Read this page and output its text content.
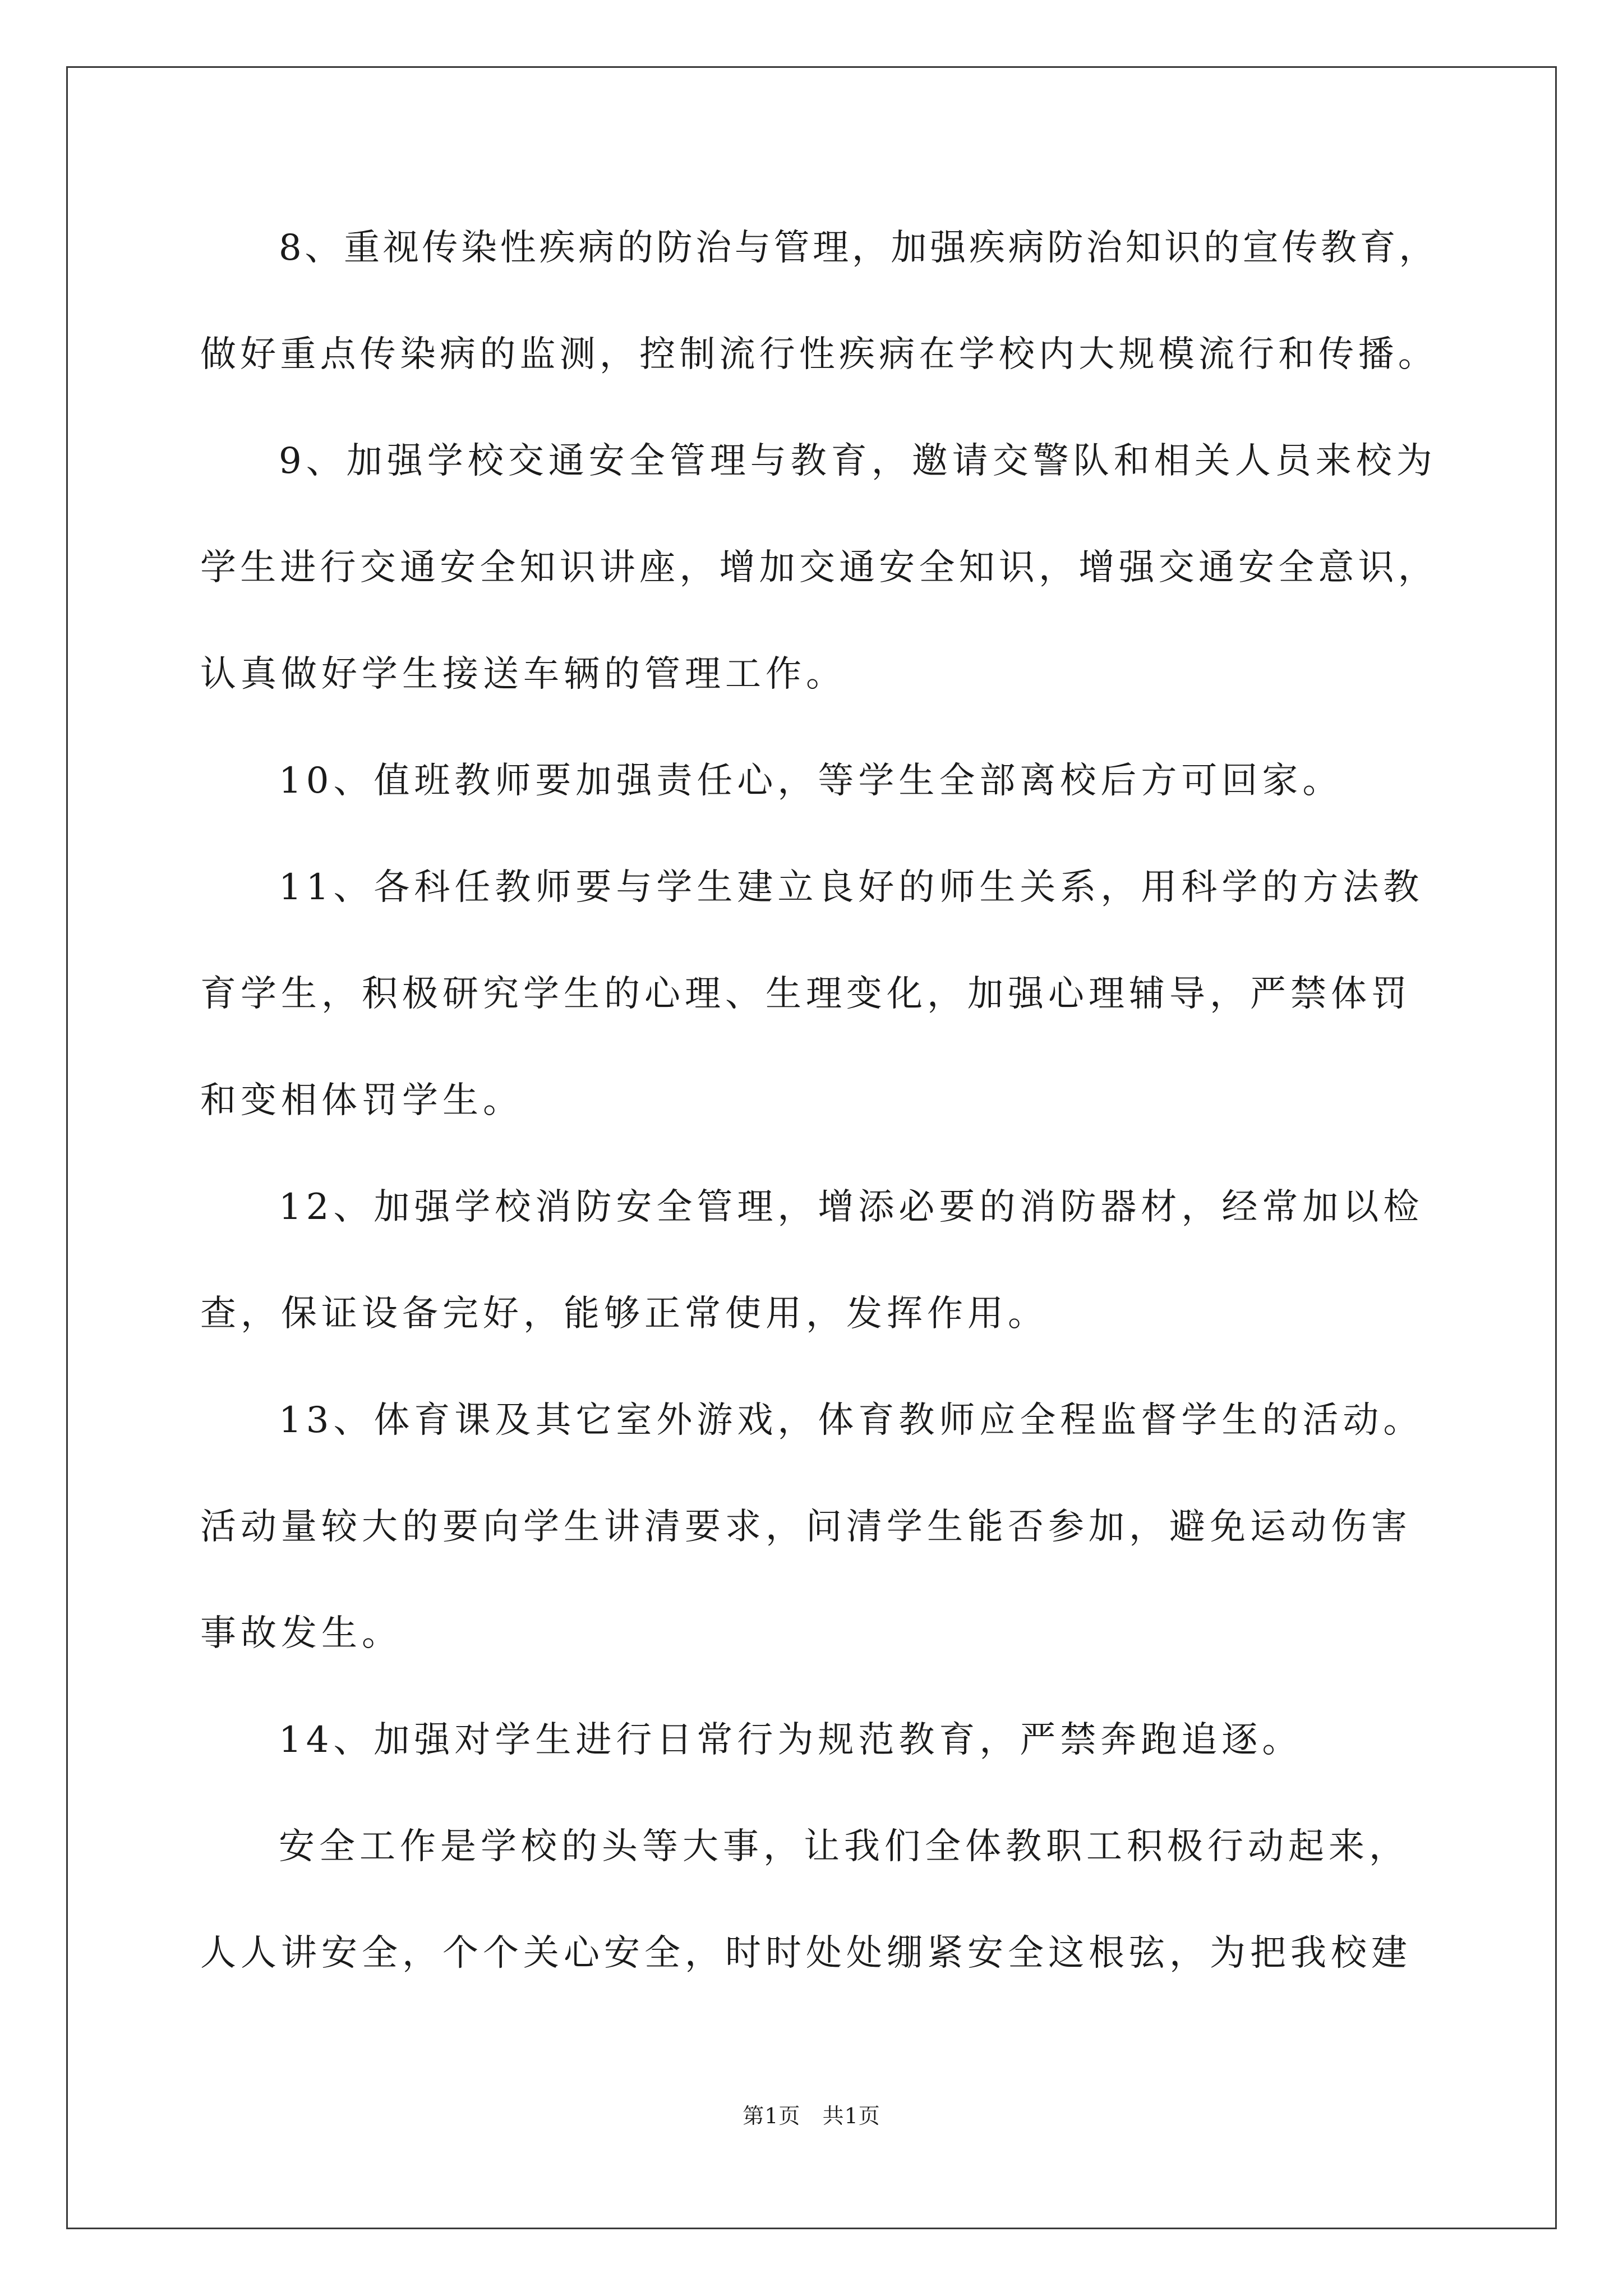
8、重视传染性疾病的防治与管理，加强疾病防治知识的宣传教育，
做好重点传染病的监测，控制流行性疾病在学校内大规模流行和传播。
9、加强学校交通安全管理与教育，邀请交警队和相关人员来校为
学生进行交通安全知识讲座，增加交通安全知识，增强交通安全意识，
认真做好学生接送车辆的管理工作。
10、值班教师要加强责任心，等学生全部离校后方可回家。
11、各科任教师要与学生建立良好的师生关系，用科学的方法教
育学生，积极研究学生的心理、生理变化，加强心理辅导，严禁体罚
和变相体罚学生。
12、加强学校消防安全管理，增添必要的消防器材，经常加以检
查，保证设备完好，能够正常使用，发挥作用。
13、体育课及其它室外游戏，体育教师应全程监督学生的活动。
活动量较大的要向学生讲清要求，问清学生能否参加，避免运动伤害
事故发生。
14、加强对学生进行日常行为规范教育，严禁奔跑追逐。
安全工作是学校的头等大事，让我们全体教职工积极行动起来，
人人讲安全，个个关心安全，时时处处绷紧安全这根弦，为把我校建
第1页   共1页
